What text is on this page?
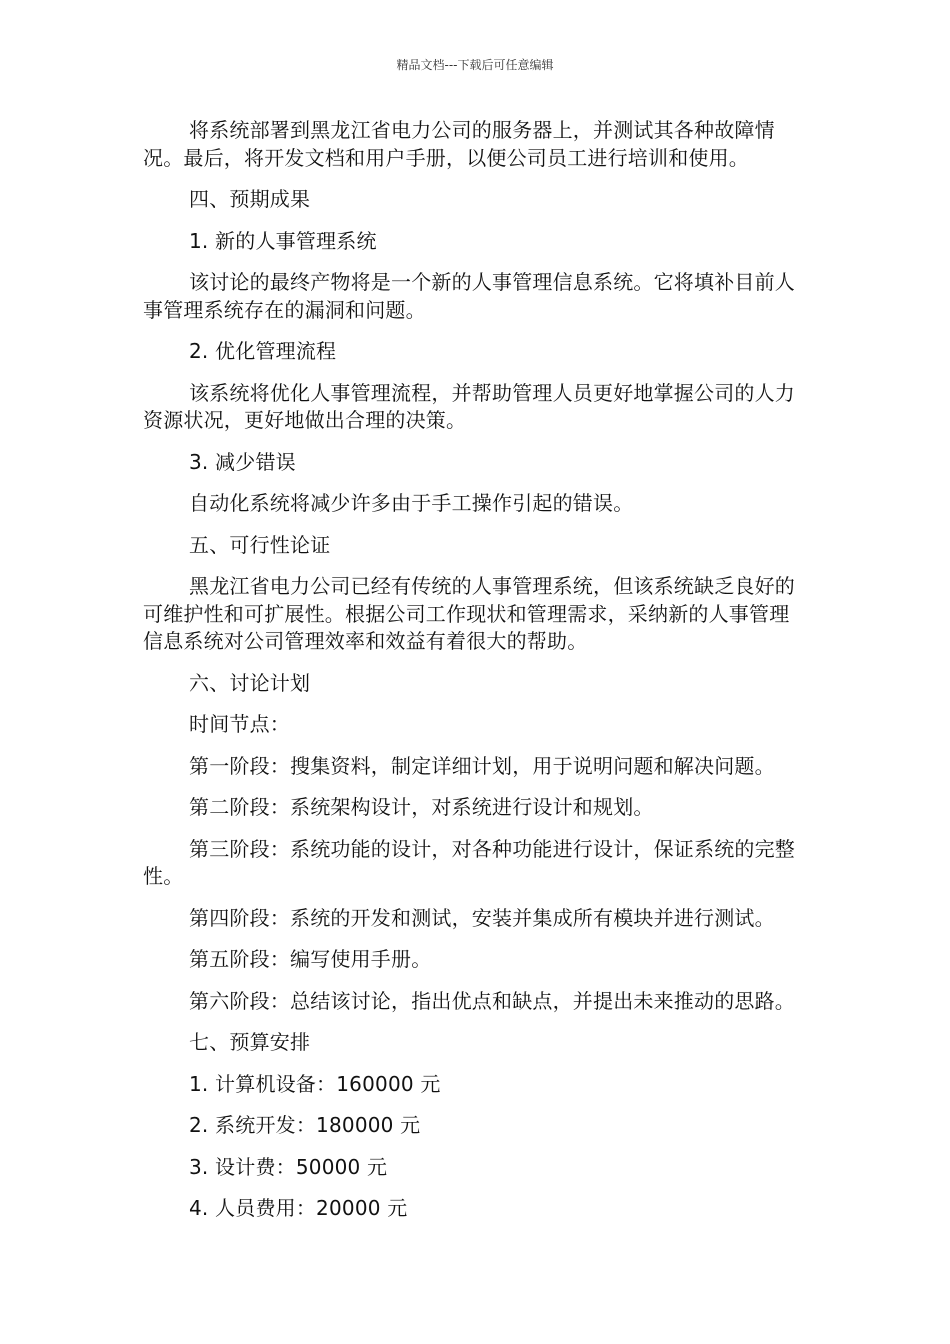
精品文档---下载后可任意编辑

将系统部署到黑龙江省电力公司的服务器上，并测试其各种故障情况。最后，将开发文档和用户手册，以便公司员工进行培训和使用。

四、预期成果

1. 新的人事管理系统

该讨论的最终产物将是一个新的人事管理信息系统。它将填补目前人事管理系统存在的漏洞和问题。

2. 优化管理流程

该系统将优化人事管理流程，并帮助管理人员更好地掌握公司的人力资源状况，更好地做出合理的决策。

3. 减少错误

自动化系统将减少许多由于手工操作引起的错误。

五、可行性论证

黑龙江省电力公司已经有传统的人事管理系统，但该系统缺乏良好的可维护性和可扩展性。根据公司工作现状和管理需求，采纳新的人事管理信息系统对公司管理效率和效益有着很大的帮助。

六、讨论计划

时间节点：

第一阶段：搜集资料，制定详细计划，用于说明问题和解决问题。

第二阶段：系统架构设计，对系统进行设计和规划。

第三阶段：系统功能的设计，对各种功能进行设计，保证系统的完整性。

第四阶段：系统的开发和测试，安装并集成所有模块并进行测试。

第五阶段：编写使用手册。

第六阶段：总结该讨论，指出优点和缺点，并提出未来推动的思路。

七、预算安排

1. 计算机设备：160000 元

2. 系统开发：180000 元

3. 设计费：50000 元

4. 人员费用：20000 元
